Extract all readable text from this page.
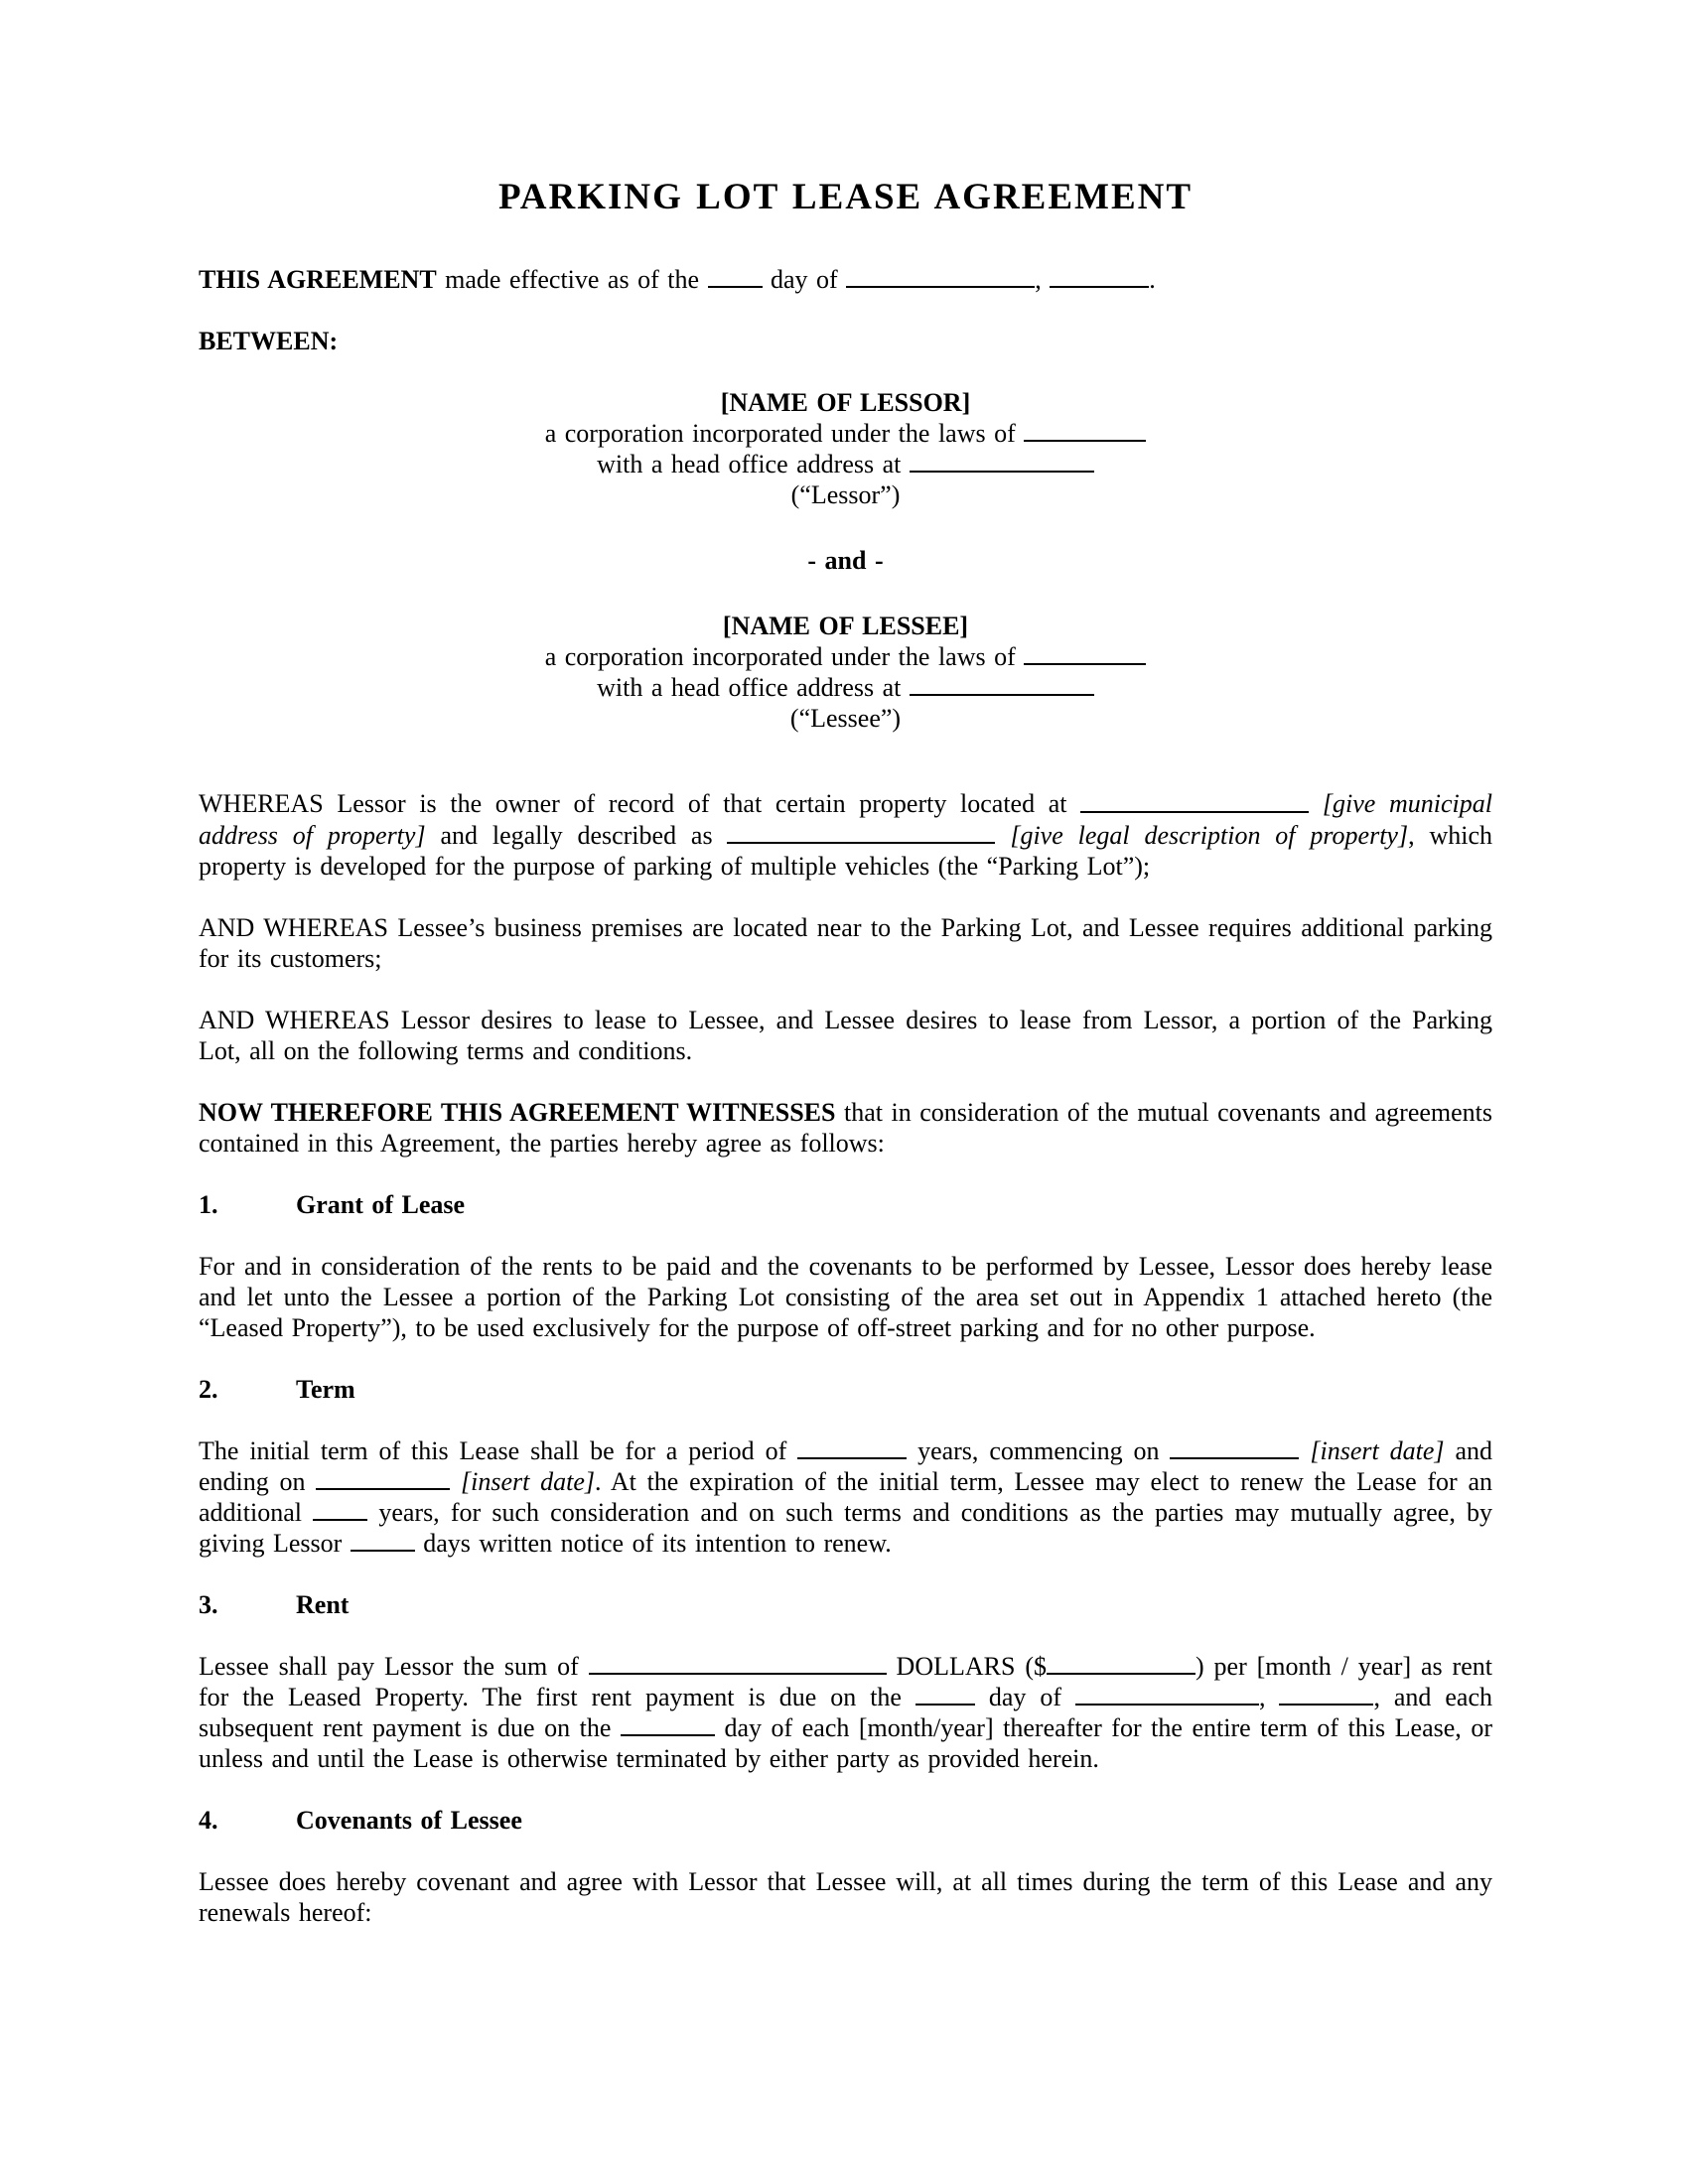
PARKING LOT LEASE AGREEMENT

THIS AGREEMENT made effective as of the  day of	,	.

BETWEEN:

[NAME OF LESSOR]
a corporation incorporated under the laws of
with a head office address at
(“Lessor”)
- and -
[NAME OF LESSEE]
a corporation incorporated under the laws of
with a head office address at
(“Lessee”)

WHEREAS Lessor is the owner of record of that certain property located at	[give municipal address of property] and legally described as	[give legal description of property], which property is developed for the purpose of parking of multiple vehicles (the “Parking Lot”);

AND WHEREAS Lessee’s business premises are located near to the Parking Lot, and Lessee requires additional parking for its customers;

AND WHEREAS Lessor desires to lease to Lessee, and Lessee desires to lease from Lessor, a portion of the Parking Lot, all on the following terms and conditions.

NOW THEREFORE THIS AGREEMENT WITNESSES that in consideration of the mutual covenants and agreements contained in this Agreement, the parties hereby agree as follows:

1.	Grant of Lease

For and in consideration of the rents to be paid and the covenants to be performed by Lessee, Lessor does hereby lease and let unto the Lessee a portion of the Parking Lot consisting of the area set out in Appendix 1 attached hereto (the “Leased Property”), to be used exclusively for the purpose of off-street parking and for no other purpose.

2.	Term

The initial term of this Lease shall be for a period of	years, commencing on	[insert date] and ending on	[insert date]. At the expiration of the initial term, Lessee may elect to renew the Lease for an additional  years, for such consideration and on such terms and conditions as the parties may mutually agree, by giving Lessor	days written notice of its intention to renew.

3.	Rent

Lessee shall pay Lessor the sum of	DOLLARS ($	) per [month / year] as rent for the Leased Property. The first rent payment is due on the  day of	,	, and each subsequent rent payment is due on the	day of each [month/year] thereafter for the entire term of this Lease, or unless and until the Lease is otherwise terminated by either party as provided herein.

4.	Covenants of Lessee

Lessee does hereby covenant and agree with Lessor that Lessee will, at all times during the term of this Lease and any renewals hereof:
